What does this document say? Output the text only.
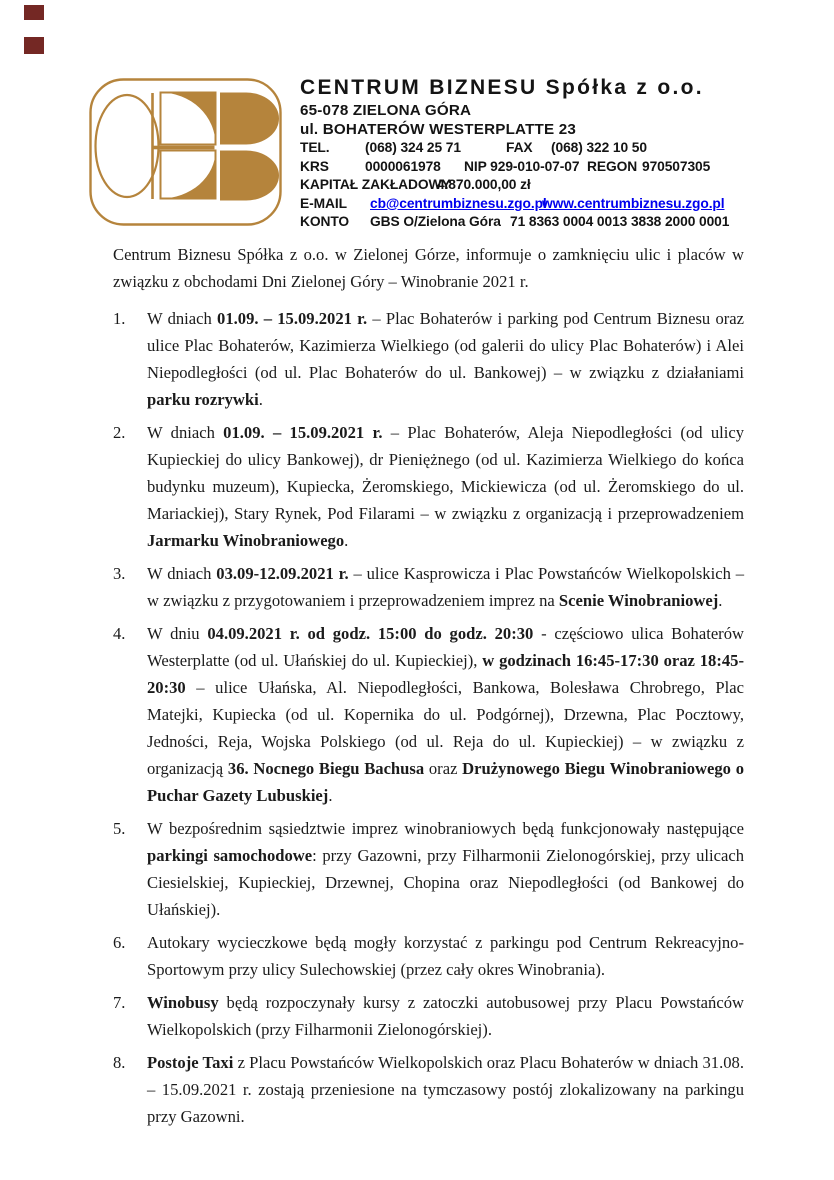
CENTRUM BIZNESU Spółka z o.o.
65-078 ZIELONA GÓRA
ul. BOHATERÓW WESTERPLATTE 23
TEL.	(068) 324 25 71	FAX (068) 322 10 50
KRS	0000061978 NIP 929-010-07-07 REGON 970507305
KAPITAŁ ZAKŁADOWY
4.870.000,00 zł
E-MAIL cb@centrumbiznesu.zgo.pl
www.centrumbiznesu.zgo.pl
KONTO GBS O/Zielona Góra 71 8363 0004 0013 3838 2000 0001

Centrum Biznesu Spółka z o.o. w Zielonej Górze, informuje o zamknięciu ulic i placów w związku z obchodami Dni Zielonej Góry – Winobranie 2021 r.

1. W dniach 01.09. – 15.09.2021 r. – Plac Bohaterów i parking pod Centrum Biznesu oraz ulice Plac Bohaterów, Kazimierza Wielkiego (od galerii do ulicy Plac Bohaterów) i Alei Niepodległości (od ul. Plac Bohaterów do ul. Bankowej) – w związku z działaniami parku rozrywki.
2. W dniach 01.09. – 15.09.2021 r. – Plac Bohaterów, Aleja Niepodległości (od ulicy Kupieckiej do ulicy Bankowej), dr Pieniężnego (od ul. Kazimierza Wielkiego do końca budynku muzeum), Kupiecka, Żeromskiego, Mickiewicza (od ul. Żeromskiego do ul. Mariackiej), Stary Rynek, Pod Filarami – w związku z organizacją i przeprowadzeniem Jarmarku Winobraniowego.
3. W dniach 03.09-12.09.2021 r. – ulice Kasprowicza i Plac Powstańców Wielkopolskich – w związku z przygotowaniem i przeprowadzeniem imprez na Scenie Winobraniowej.
4. W dniu 04.09.2021 r. od godz. 15:00 do godz. 20:30 - częściowo ulica Bohaterów Westerplatte (od ul. Ułańskiej do ul. Kupieckiej), w godzinach 16:45-17:30 oraz 18:45-20:30 – ulice Ułańska, Al. Niepodległości, Bankowa, Bolesława Chrobrego, Plac Matejki, Kupiecka (od ul. Kopernika do ul. Podgórnej), Drzewna, Plac Pocztowy, Jedności, Reja, Wojska Polskiego (od ul. Reja do ul. Kupieckiej) – w związku z organizacją 36. Nocnego Biegu Bachusa oraz Drużynowego Biegu Winobraniowego o Puchar Gazety Lubuskiej.
5. W bezpośrednim sąsiedztwie imprez winobraniowych będą funkcjonowały następujące parkingi samochodowe: przy Gazowni, przy Filharmonii Zielonogórskiej, przy ulicach Ciesielskiej, Kupieckiej, Drzewnej, Chopina oraz Niepodległości (od Bankowej do Ułańskiej).
6. Autokary wycieczkowe będą mogły korzystać z parkingu pod Centrum Rekreacyjno-Sportowym przy ulicy Sulechowskiej (przez cały okres Winobrania).
7. Winobusy będą rozpoczynały kursy z zatoczki autobusowej przy Placu Powstańców Wielkopolskich (przy Filharmonii Zielonogórskiej).
8. Postoje Taxi z Placu Powstańców Wielkopolskich oraz Placu Bohaterów w dniach 31.08. – 15.09.2021 r. zostają przeniesione na tymczasowy postój zlokalizowany na parkingu przy Gazowni.
